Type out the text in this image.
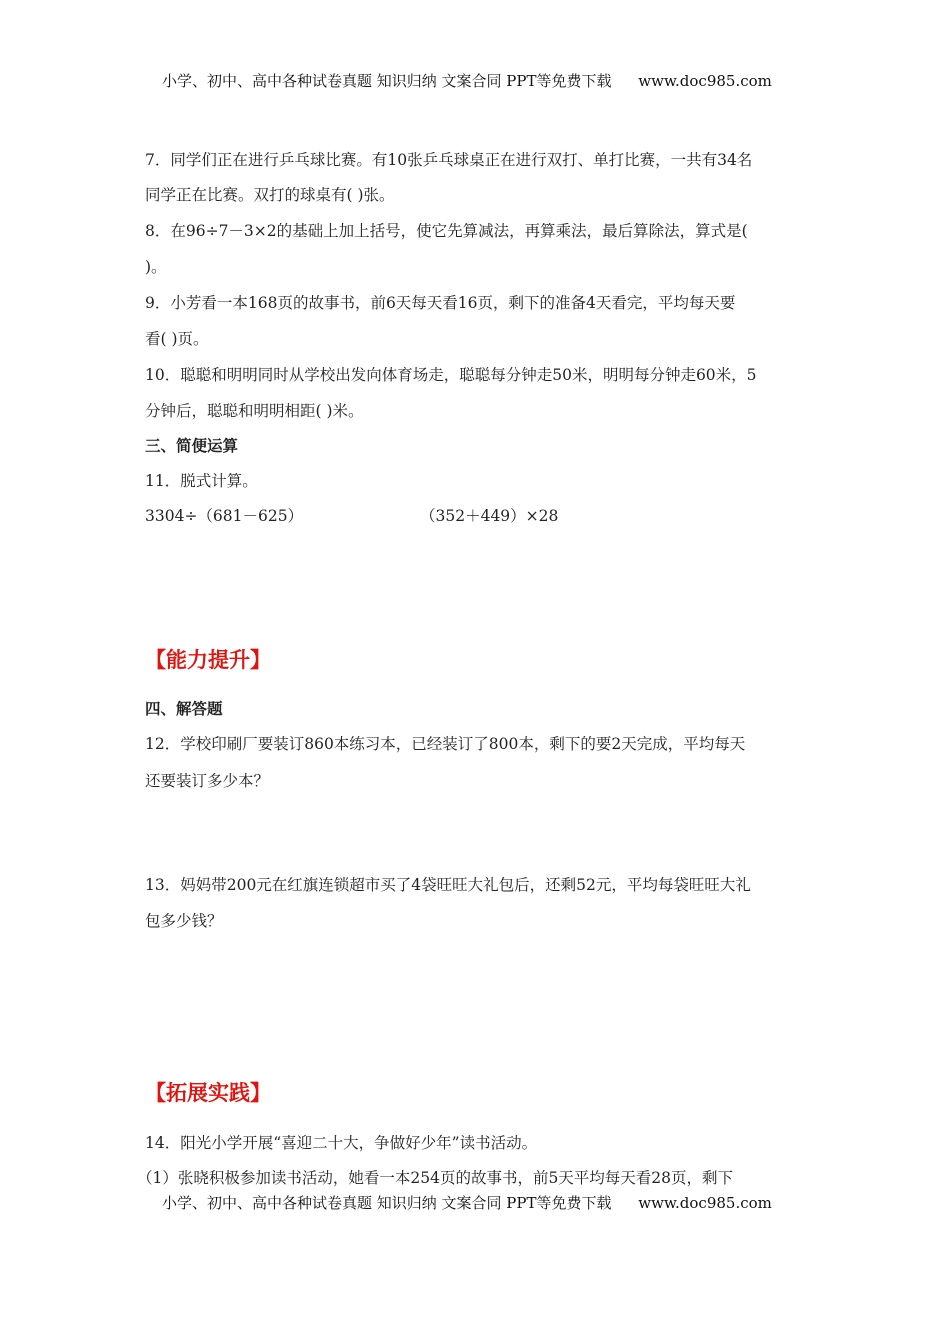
小学、初中、高中各种试卷真题 知识归纳 文案合同 PPT等免费下载 www.doc985.com
7．同学们正在进行乒乓球比赛。有10张乒乓球桌正在进行双打、单打比赛，一共有34名
同学正在比赛。双打的球桌有( )张。
8．在96÷7－3×2的基础上加上括号，使它先算减法，再算乘法，最后算除法，算式是(
)。
9．小芳看一本168页的故事书，前6天每天看16页，剩下的准备4天看完，平均每天要
看( )页。
10．聪聪和明明同时从学校出发向体育场走，聪聪每分钟走50米，明明每分钟走60米，5
分钟后，聪聪和明明相距( )米。
三、简便运算
11．脱式计算。
3304÷（681－625）	（352＋449）×28
【能力提升】
四、解答题
12．学校印刷厂要装订860本练习本，已经装订了800本，剩下的要2天完成，平均每天
还要装订多少本？
13．妈妈带200元在红旗连锁超市买了4袋旺旺大礼包后，还剩52元，平均每袋旺旺大礼
包多少钱？
【拓展实践】
14．阳光小学开展“喜迎二十大，争做好少年”读书活动。
（1）张晓积极参加读书活动，她看一本254页的故事书，前5天平均每天看28页，剩下
小学、初中、高中各种试卷真题 知识归纳 文案合同 PPT等免费下载 www.doc985.com
